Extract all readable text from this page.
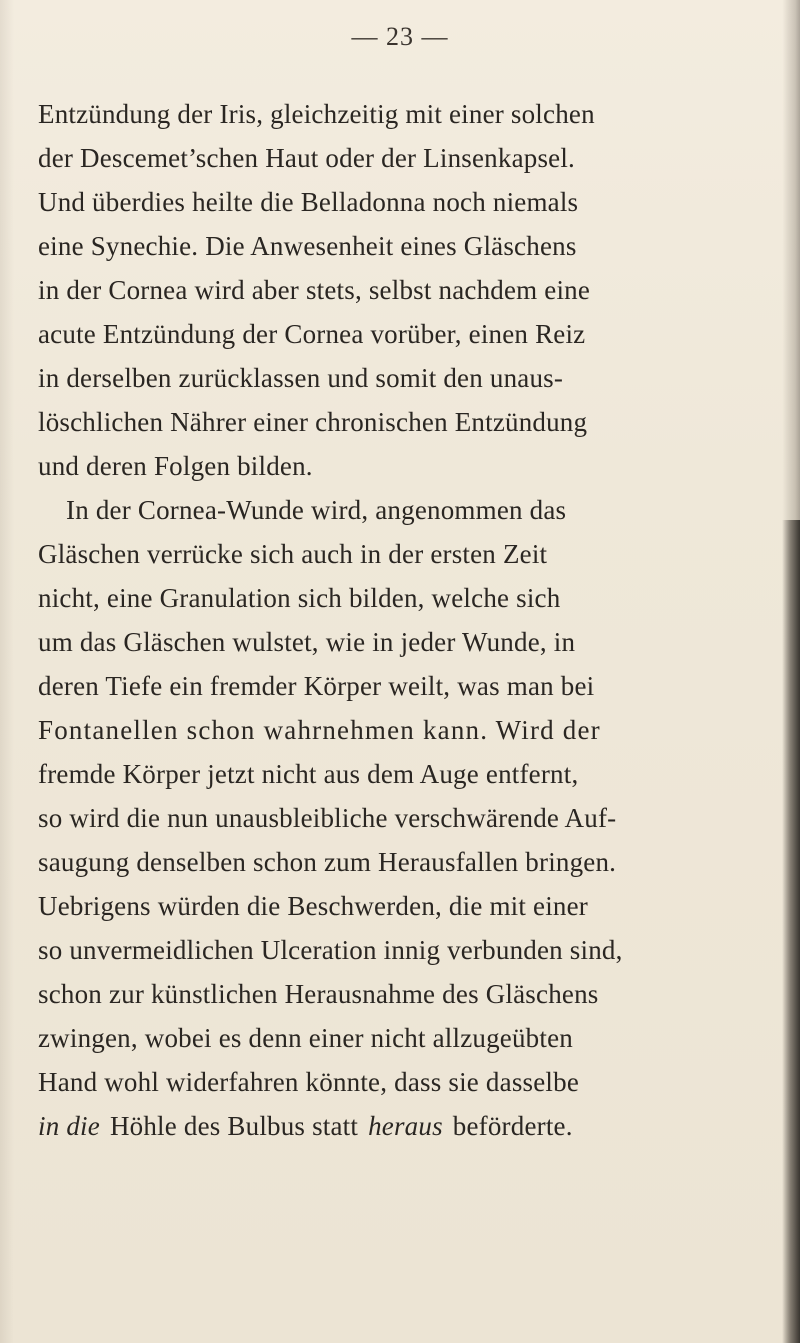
— 23 —
Entzündung der Iris, gleichzeitig mit einer solchen
der Descemet’schen Haut oder der Linsenkapsel.
Und überdies heilte die Belladonna noch niemals
eine Synechie. Die Anwesenheit eines Gläschens
in der Cornea wird aber stets, selbst nachdem eine
acute Entzündung der Cornea vorüber, einen Reiz
in derselben zurücklassen und somit den unaus-
löschlichen Nährer einer chronischen Entzündung
und deren Folgen bilden.
In der Cornea-Wunde wird, angenommen das
Gläschen verrücke sich auch in der ersten Zeit
nicht, eine Granulation sich bilden, welche sich
um das Gläschen wulstet, wie in jeder Wunde, in
deren Tiefe ein fremder Körper weilt, was man bei
Fontanellen schon wahrnehmen kann. Wird der
fremde Körper jetzt nicht aus dem Auge entfernt,
so wird die nun unausbleibliche verschwärende Auf-
saugung denselben schon zum Herausfallen bringen.
Uebrigens würden die Beschwerden, die mit einer
so unvermeidlichen Ulceration innig verbunden sind,
schon zur künstlichen Herausnahme des Gläschens
zwingen, wobei es denn einer nicht allzugeübten
Hand wohl widerfahren könnte, dass sie dasselbe
in die Höhle des Bulbus statt heraus beförderte.
